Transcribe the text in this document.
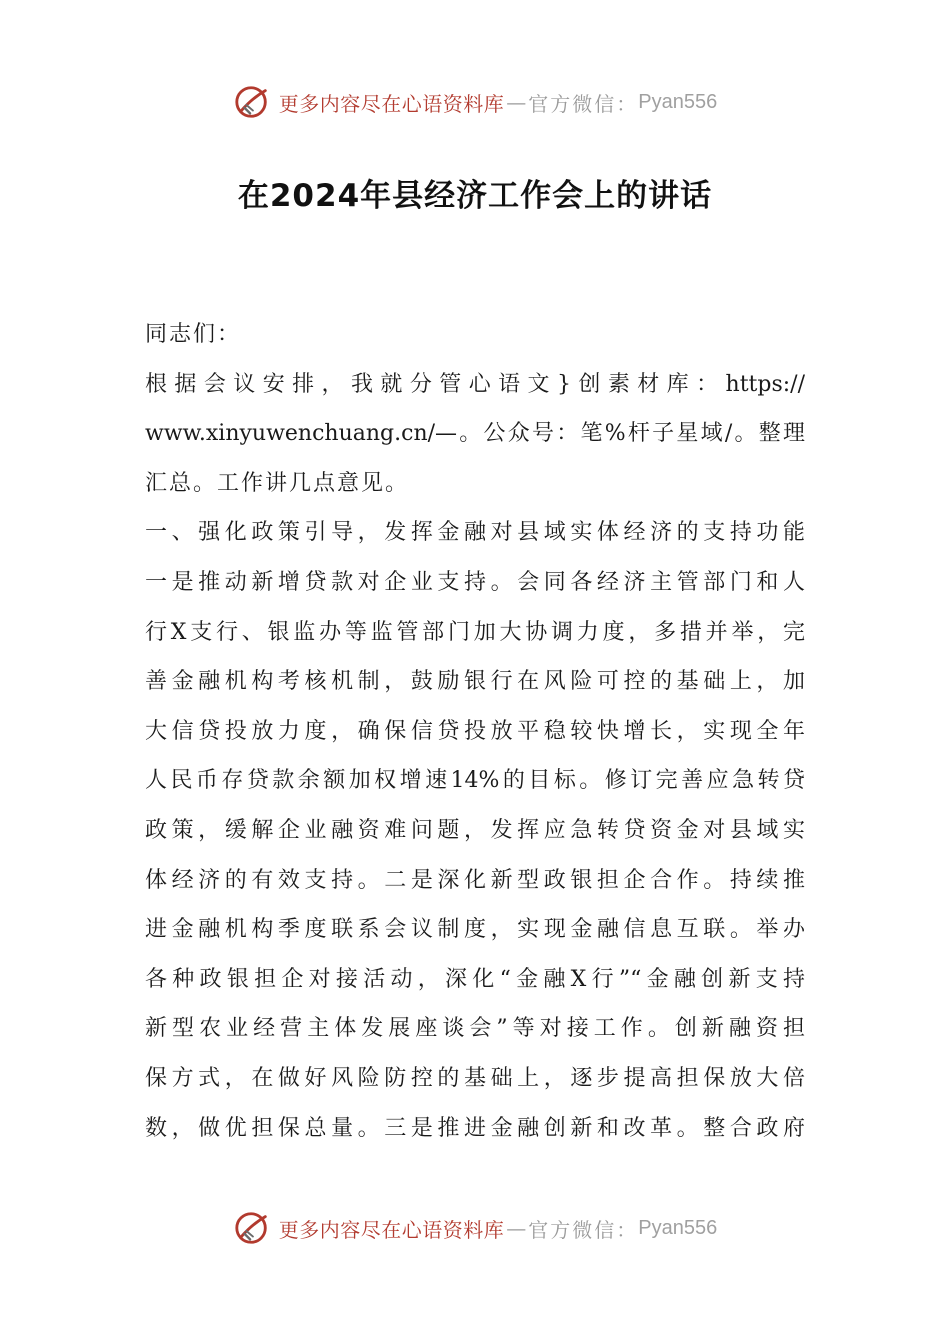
更多内容尽在心语资料库 — 官方微信： Pyan556
在2024年县经济工作会上的讲话
同志们：
根据会议安排，我就分管心语文}创素材库：https://
www.xinyuwenchuang.cn/—。公众号：笔%杆子星域/。整理
汇总。工作讲几点意见。
一、强化政策引导，发挥金融对县域实体经济的支持功能
一是推动新增贷款对企业支持。会同各经济主管部门和人
行X支行、银监办等监管部门加大协调力度，多措并举，完
善金融机构考核机制，鼓励银行在风险可控的基础上，加
大信贷投放力度，确保信贷投放平稳较快增长，实现全年
人民币存贷款余额加权增速14%的目标。修订完善应急转贷
政策，缓解企业融资难问题，发挥应急转贷资金对县域实
体经济的有效支持。二是深化新型政银担企合作。持续推
进金融机构季度联系会议制度，实现金融信息互联。举办
各种政银担企对接活动，深化“金融X行”“金融创新支持
新型农业经营主体发展座谈会”等对接工作。创新融资担
保方式，在做好风险防控的基础上，逐步提高担保放大倍
数，做优担保总量。三是推进金融创新和改革。整合政府
更多内容尽在心语资料库 — 官方微信： Pyan556
